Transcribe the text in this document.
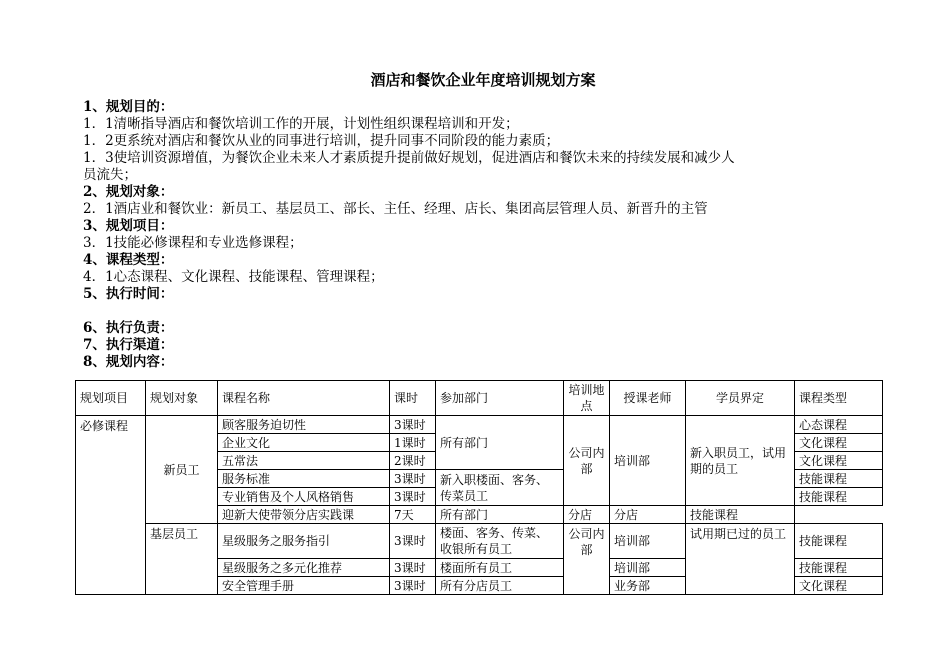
酒店和餐饮企业年度培训规划方案
1、规划目的：
1．1清晰指导酒店和餐饮培训工作的开展，计划性组织课程培训和开发；
1．2更系统对酒店和餐饮从业的同事进行培训，提升同事不同阶段的能力素质；
1．3使培训资源增值，为餐饮企业未来人才素质提升提前做好规划，促进酒店和餐饮未来的持续发展和减少人
员流失；
2、规划对象：
2．1酒店业和餐饮业：新员工、基层员工、部长、主任、经理、店长、集团高层管理人员、新晋升的主管
3、规划项目：
3．1技能必修课程和专业选修课程；
4、课程类型：
4．1心态课程、文化课程、技能课程、管理课程；
5、执行时间：
6、执行负责：
7、执行渠道：
8、规划内容：
规划项目	规划对象	课程名称	课时	参加部门	培训地点	授课老师	学员界定	课程类型
必修课程	新员工	顾客服务迫切性	3课时	所有部门	公司内部	培训部	新入职员工，试用期的员工	心态课程
		企业文化	1课时					文化课程
		五常法	2课时					文化课程
		服务标准	3课时	新入职楼面、客务、传菜员工				技能课程
		专业销售及个人风格销售	3课时					技能课程
		迎新大使带领分店实践课	7天	所有部门	分店	分店	技能课程	
	基层员工	星级服务之服务指引	3课时	楼面、客务、传菜、收银所有员工	公司内部	培训部	试用期已过的员工	技能课程
		星级服务之多元化推荐	3课时	楼面所有员工		培训部		技能课程
		安全管理手册	3课时	所有分店员工		业务部		文化课程
